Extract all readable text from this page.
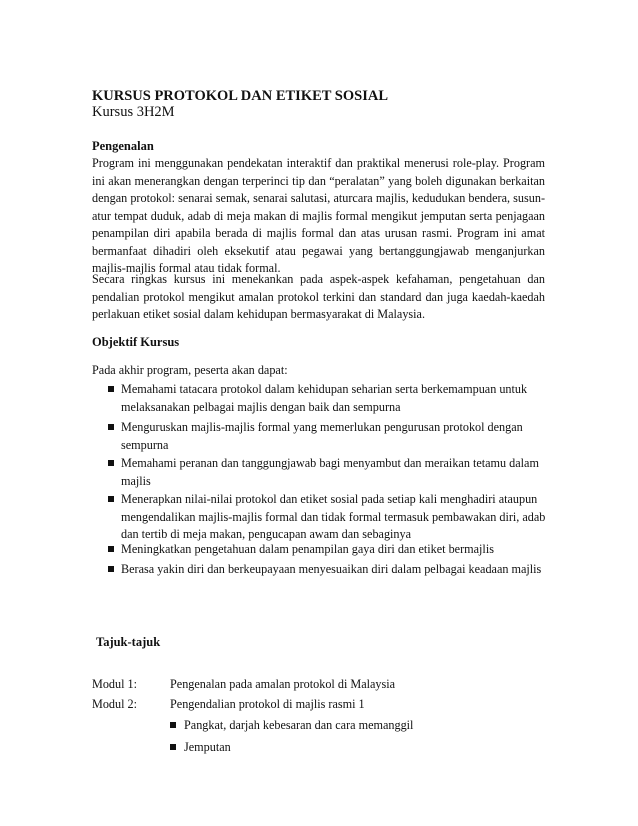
KURSUS PROTOKOL DAN ETIKET SOSIAL
Kursus 3H2M
Pengenalan

Program ini menggunakan pendekatan interaktif dan praktikal menerusi role-play. Program ini akan menerangkan dengan terperinci tip dan “peralatan” yang boleh digunakan berkaitan dengan protokol: senarai semak, senarai salutasi, aturcara majlis, kedudukan bendera, susun-atur tempat duduk, adab di meja makan di majlis formal mengikut jemputan serta penjagaan penampilan diri apabila berada di majlis formal dan atas urusan rasmi. Program ini amat bermanfaat dihadiri oleh eksekutif atau pegawai yang bertanggungjawab menganjurkan majlis-majlis formal atau tidak formal.

Secara ringkas kursus ini menekankan pada aspek-aspek kefahaman, pengetahuan dan pendalian protokol mengikut amalan protokol terkini dan standard dan juga kaedah-kaedah perlakuan etiket sosial dalam kehidupan bermasyarakat di Malaysia.

Objektif Kursus

Pada akhir program, peserta akan dapat:

Memahami tatacara protokol dalam kehidupan seharian serta berkemampuan untuk melaksanakan pelbagai majlis dengan baik dan sempurna
Menguruskan majlis-majlis formal yang memerlukan pengurusan protokol dengan sempurna
Memahami peranan dan tanggungjawab bagi menyambut dan meraikan tetamu dalam majlis
Menerapkan nilai-nilai protokol dan etiket sosial pada setiap kali menghadiri ataupun mengendalikan majlis-majlis formal dan tidak formal termasuk pembawakan diri, adab dan tertib di meja makan, pengucapan awam dan sebaginya
Meningkatkan pengetahuan dalam penampilan gaya diri dan etiket bermajlis
Berasa yakin diri dan berkeupayaan menyesuaikan diri dalam pelbagai keadaan majlis
Tajuk-tajuk
Modul 1:	Pengenalan pada amalan protokol di Malaysia
Modul 2:	Pengendalian protokol di majlis rasmi 1
Pangkat, darjah kebesaran dan cara memanggil
Jemputan
